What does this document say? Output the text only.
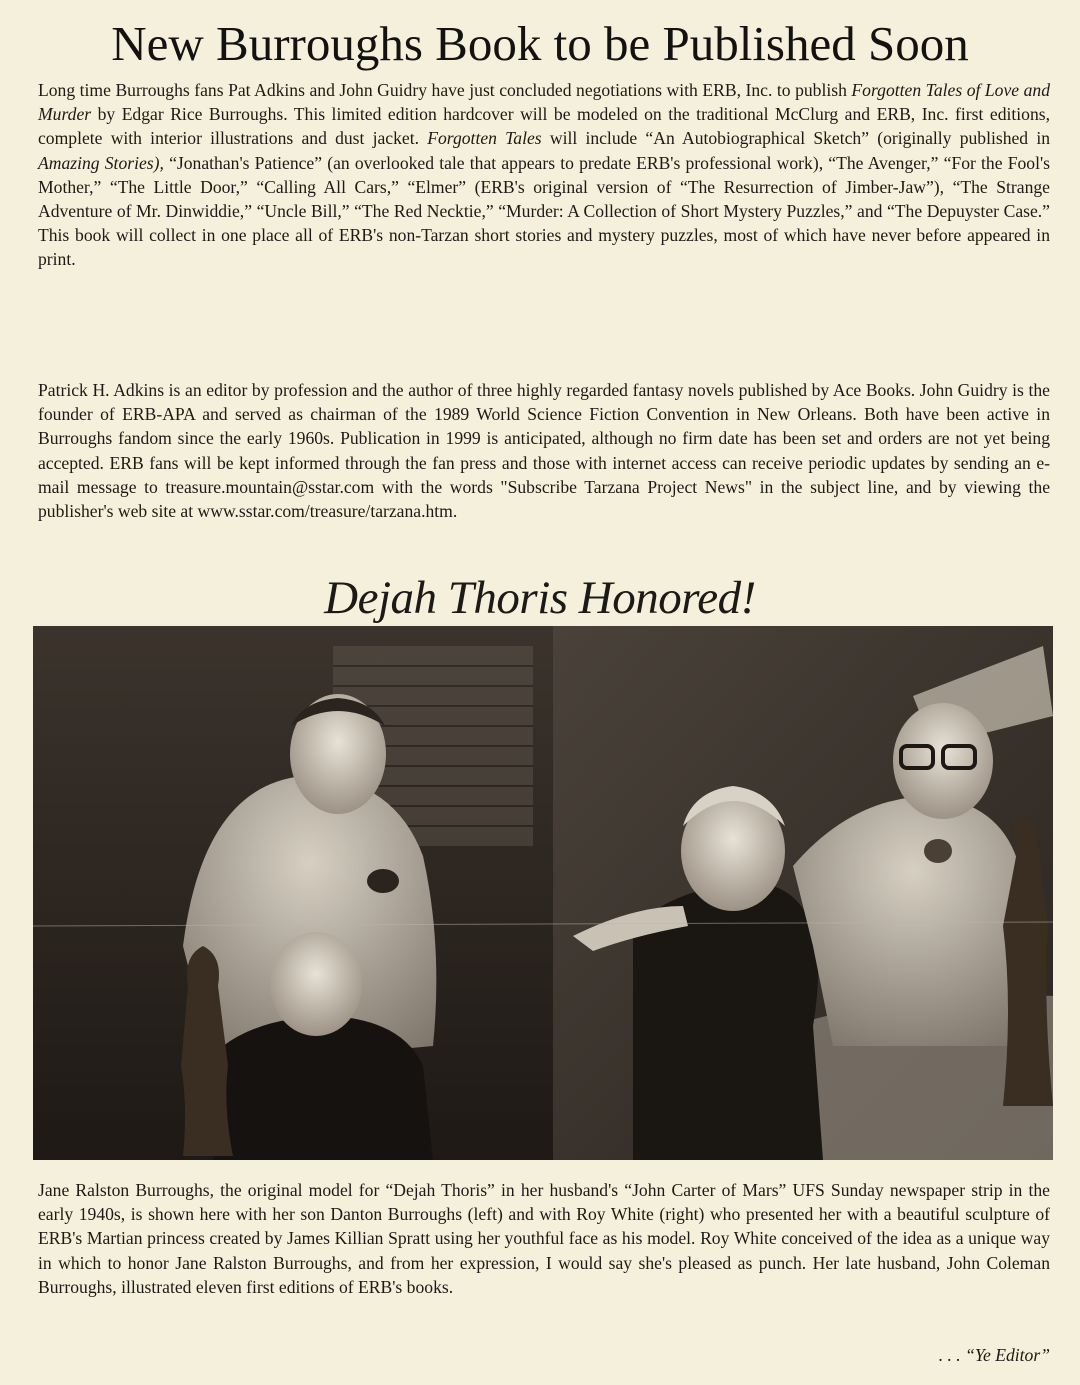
New Burroughs Book to be Published Soon

Long time Burroughs fans Pat Adkins and John Guidry have just concluded negotiations with ERB, Inc. to publish Forgotten Tales of Love and Murder by Edgar Rice Burroughs. This limited edition hardcover will be modeled on the traditional McClurg and ERB, Inc. first editions, complete with interior illustrations and dust jacket. Forgotten Tales will include “An Autobiographical Sketch” (originally published in Amazing Stories), “Jonathan's Patience” (an overlooked tale that appears to predate ERB's professional work), “The Avenger,” “For the Fool's Mother,” “The Little Door,” “Calling All Cars,” “Elmer” (ERB's original version of “The Resurrection of Jimber-Jaw”), “The Strange Adventure of Mr. Dinwiddie,” “Uncle Bill,” “The Red Necktie,” “Murder: A Collection of Short Mystery Puzzles,” and “The Depuyster Case.” This book will collect in one place all of ERB's non-Tarzan short stories and mystery puzzles, most of which have never before appeared in print.

Patrick H. Adkins is an editor by profession and the author of three highly regarded fantasy novels published by Ace Books. John Guidry is the founder of ERB-APA and served as chairman of the 1989 World Science Fiction Convention in New Orleans. Both have been active in Burroughs fandom since the early 1960s. Publication in 1999 is anticipated, although no firm date has been set and orders are not yet being accepted. ERB fans will be kept informed through the fan press and those with internet access can receive periodic updates by sending an e-mail message to treasure.mountain@sstar.com with the words "Subscribe Tarzana Project News" in the subject line, and by viewing the publisher's web site at www.sstar.com/treasure/tarzana.htm.

Dejah Thoris Honored!

Jane Ralston Burroughs, the original model for “Dejah Thoris” in her husband's “John Carter of Mars” UFS Sunday newspaper strip in the early 1940s, is shown here with her son Danton Burroughs (left) and with Roy White (right) who presented her with a beautiful sculpture of ERB's Martian princess created by James Killian Spratt using her youthful face as his model. Roy White conceived of the idea as a unique way in which to honor Jane Ralston Burroughs, and from her expression, I would say she's pleased as punch. Her late husband, John Coleman Burroughs, illustrated eleven first editions of ERB's books.

. . . “Ye Editor”
